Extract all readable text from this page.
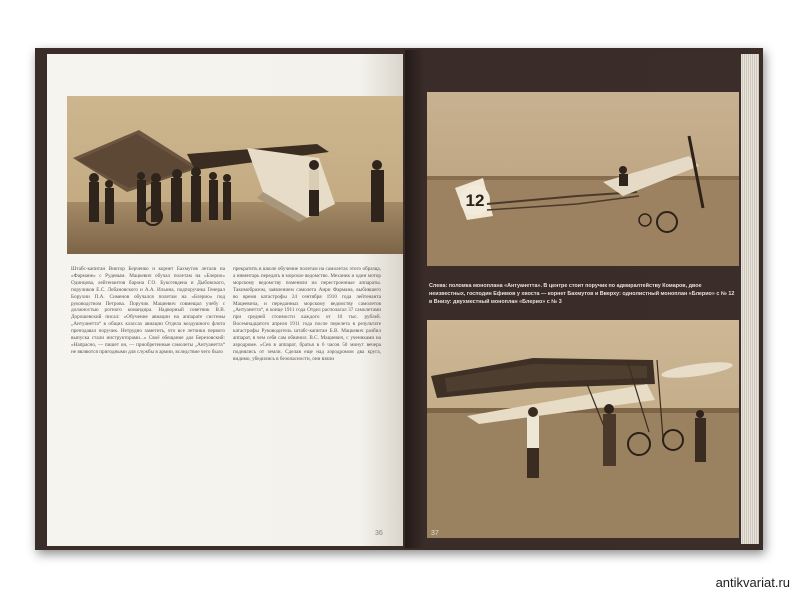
Штабс-капитан Виктор Берченко и корнет Бахмутов летали на «Фармане» с Рудевым. Мацкевич обучал полетам на «Блерио» Одинцова, лейтенантов барона Г.О. Буксгевдена и Дыбовского, поручиков Е.С. Лобановского и А.А. Ильина, подпоручика Генерал Борухин П.А. Сименов обучался полетам на «Блерио» под руководством Петрова. Поручик Мациевич совмещал учебу с должностью ротного командира. Надворный советник В.В. Дорошевский писал: «Обучение авиации на аппарате системы „Антуанетта“ в общих классах авиации Отдела воздушного флота преподавал поручик. Нетрудно заметить, что все летчики первого выпуска стали инструкторами...» Своё обещание дал Березовский: «Напрасно, — пишет он, — приобретенные самолеты „Антуанетта“ не являются пригодными для службы в армии, вследствие чего было

прекратить в школе обучение полетам на самолетах этого образца, а инвентарь передать в морское ведомство. Механик и один мотор морскому ведомству поменяли на перестроенные аппараты. Такимобразом, заявлением самолета Анри Фармана, выбившего во время катастрофы 24 сентября 1910 года лейтенанта Мацеевича, и переданных морскому ведомству самолетов „Антуанетта“, в конце 1911 года Отдел располагал 37 самолетами при средней стоимости каждого от 10 тыс. рублей. Восемнадцатого апреля 1911 года после перелета в результате катастрофы Руководитель штабс-капитан Б.В. Мацкевич разбил аппарат, в чем себя сам обвинил. В.С. Мациевич, с учениками на аэродроме. «Сев в аппарат, братья в 6 часов 50 минут вечера поднялись от земли. Сделав еще над аэродромом два круга, видимо, убедились в безопасности, они взяли

36
12

Слева: поломка моноплана «Антуанетта». В центре стоит поручик по адмиралтейству Комаров, двое неизвестных, господин Ефимов у хвоста — корнет Бахмутов и Вверху: однолистный моноплан «Блерио» с № 12 в Внизу: двухместный моноплан «Блерио» с № 3

37
antikvariat.ru
